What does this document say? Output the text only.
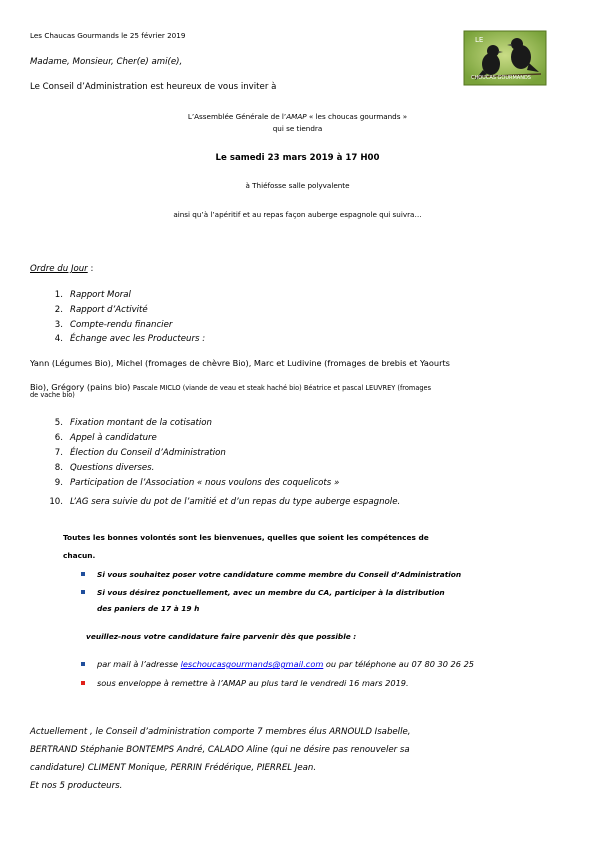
Les Chaucas Gourmands le 25 février 2019	LE
CHOUCAS GOURMANDS
Madame, Monsieur, Cher(e) ami(e),
Le Conseil d’Administration est heureux de vous inviter à
L’Assemblée Générale de l’AMAP « les choucas gourmands »
qui se tiendra
Le samedi 23 mars 2019 à 17 H00
à Thiéfosse salle polyvalente
ainsi qu’à l’apéritif et au repas façon auberge espagnole qui suivra…
Ordre du Jour :
1. Rapport Moral
2. Rapport d’Activité
3. Compte-rendu financier
4. Échange avec les Producteurs :
Yann (Légumes Bio), Michel (fromages de chèvre Bio), Marc et Ludivine (fromages de brebis et Yaourts
Bio), Grégory (pains bio) Pascale MICLO (viande de veau et steak haché bio) Béatrice et pascal LEUVREY (fromages
de vache bio)
5. Fixation montant de la cotisation
6. Appel à candidature
7. Élection du Conseil d’Administration
8. Questions diverses.
9. Participation de l’Association « nous voulons des coquelicots »
10. L’AG sera suivie du pot de l’amitié et d’un repas du type auberge espagnole.
Toutes les bonnes volontés sont les bienvenues, quelles que soient les compétences de
chacun.
Si vous souhaitez poser votre candidature comme membre du Conseil d’Administration
Si vous désirez ponctuellement, avec un membre du CA, participer à la distribution
des paniers de 17 à 19 h
veuillez-nous votre candidature faire parvenir dès que possible :
par mail à l’adresse leschoucasgourmands@gmail.com ou par téléphone au 07 80 30 26 25
sous enveloppe à remettre à l’AMAP au plus tard le vendredi 16 mars 2019.
Actuellement , le Conseil d’administration comporte 7 membres élus ARNOULD Isabelle,
BERTRAND Stéphanie BONTEMPS André, CALADO Aline (qui ne désire pas renouveler sa
candidature) CLIMENT Monique, PERRIN Frédérique, PIERREL Jean.
Et nos 5 producteurs.
